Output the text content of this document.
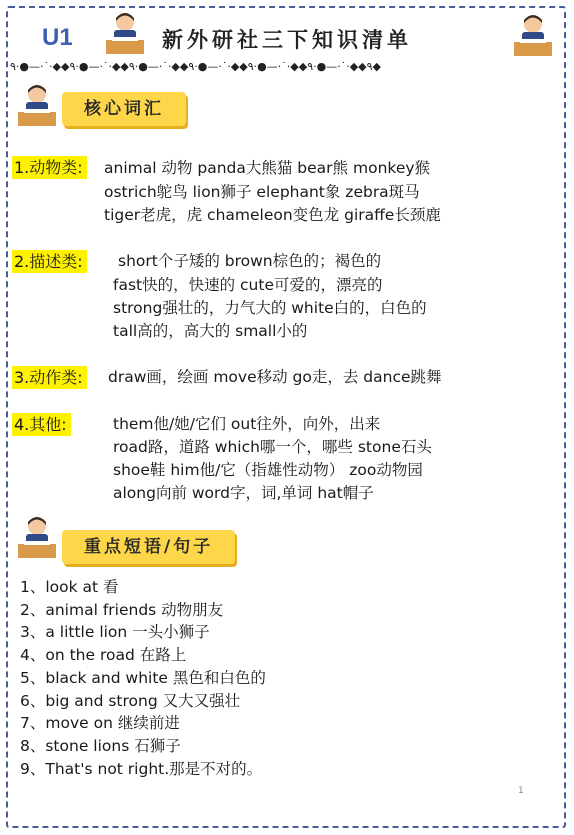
U1	新外研社三下知识清单
٩◆◆·˙·—●·٩◆◆·˙·—●·٩◆◆·˙·—●·٩◆◆·˙·—●·٩◆◆·˙·—●·٩◆◆·˙·—●·٩◆
核心词汇
1.动物类: animal 动物 panda大熊猫 bear熊 monkey猴
ostrich鸵鸟 lion狮子 elephant象 zebra斑马
tiger老虎，虎 chameleon变色龙 giraffe长颈鹿
2.描述类: short个子矮的 brown棕色的；褐色的
fast快的，快速的 cute可爱的，漂亮的
strong强壮的，力气大的 white白的，白色的
tall高的，高大的 small小的
3.动作类: draw画，绘画 move移动 go走，去 dance跳舞
4.其他:	them他/她/它们 out往外，向外，出来
road路，道路 which哪一个，哪些 stone石头
shoe鞋 him他/它（指雄性动物） zoo动物园
along向前 word字，词,单词 hat帽子
重点短语/句子
1、look at 看
2、animal friends 动物朋友
3、a little lion 一头小狮子
4、on the road 在路上
5、black and white 黑色和白色的
6、big and strong 又大又强壮
7、move on 继续前进
8、stone lions 石狮子
9、That's not right.那是不对的。
1
